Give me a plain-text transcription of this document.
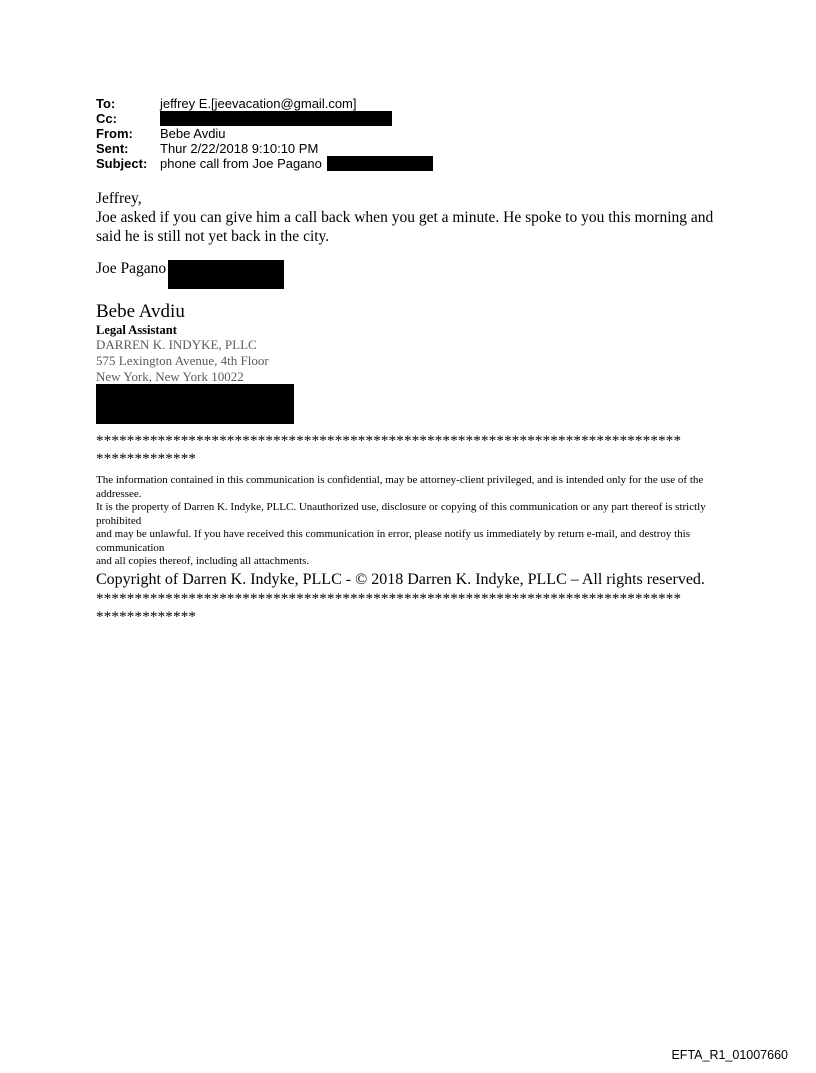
To:	jeffrey E.[jeevacation@gmail.com]
Cc:
From:	Bebe Avdiu
Sent:	Thur 2/22/2018 9:10:10 PM
Subject: phone call from Joe Pagano

Jeffrey,

Joe asked if you can give him a call back when you get a minute. He spoke to you this morning and said he is still not yet back in the city.

Joe Pagano
Bebe Avdiu
Legal Assistant
DARREN K. INDYKE, PLLC
575 Lexington Avenue, 4th Floor
New York, New York 10022
****************************************************************************
*************
The information contained in this communication is confidential, may be attorney-client privileged, and is intended only for the use of the addressee.
It is the property of Darren K. Indyke, PLLC. Unauthorized use, disclosure or copying of this communication or any part thereof is strictly prohibited
and may be unlawful. If you have received this communication in error, please notify us immediately by return e-mail, and destroy this communication
and all copies thereof, including all attachments.
Copyright of Darren K. Indyke, PLLC - © 2018 Darren K. Indyke, PLLC – All rights reserved.
****************************************************************************
*************
EFTA_R1_01007660
